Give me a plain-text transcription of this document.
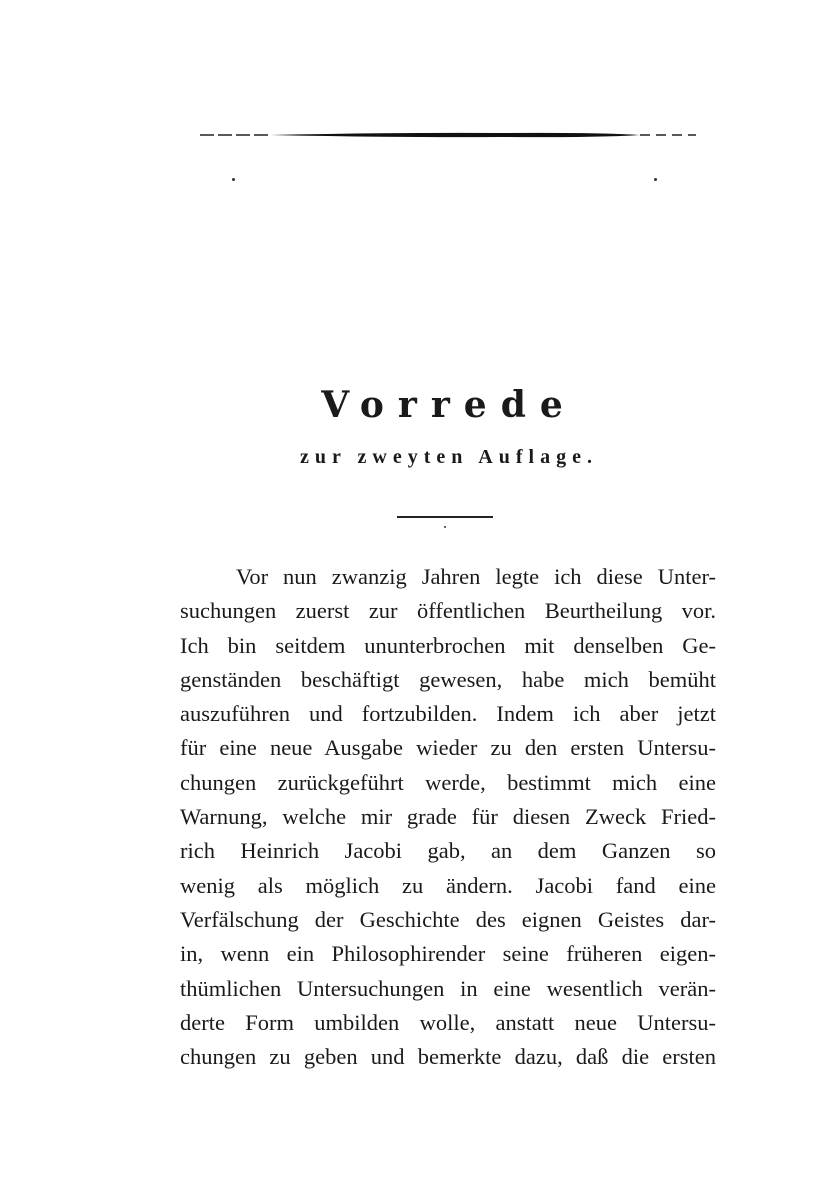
Vorrede
zur zweyten Auflage.
Vor nun zwanzig Jahren legte ich diese Unter-
suchungen zuerst zur öffentlichen Beurtheilung vor.
Ich bin seitdem ununterbrochen mit denselben Ge-
genständen beschäftigt gewesen, habe mich bemüht
auszuführen und fortzubilden. Indem ich aber jetzt
für eine neue Ausgabe wieder zu den ersten Untersu-
chungen zurückgeführt werde, bestimmt mich eine
Warnung, welche mir grade für diesen Zweck Fried-
rich Heinrich Jacobi gab, an dem Ganzen so
wenig als möglich zu ändern. Jacobi fand eine
Verfälschung der Geschichte des eignen Geistes dar-
in, wenn ein Philosophirender seine früheren eigen-
thümlichen Untersuchungen in eine wesentlich verän-
derte Form umbilden wolle, anstatt neue Untersu-
chungen zu geben und bemerkte dazu, daß die ersten
